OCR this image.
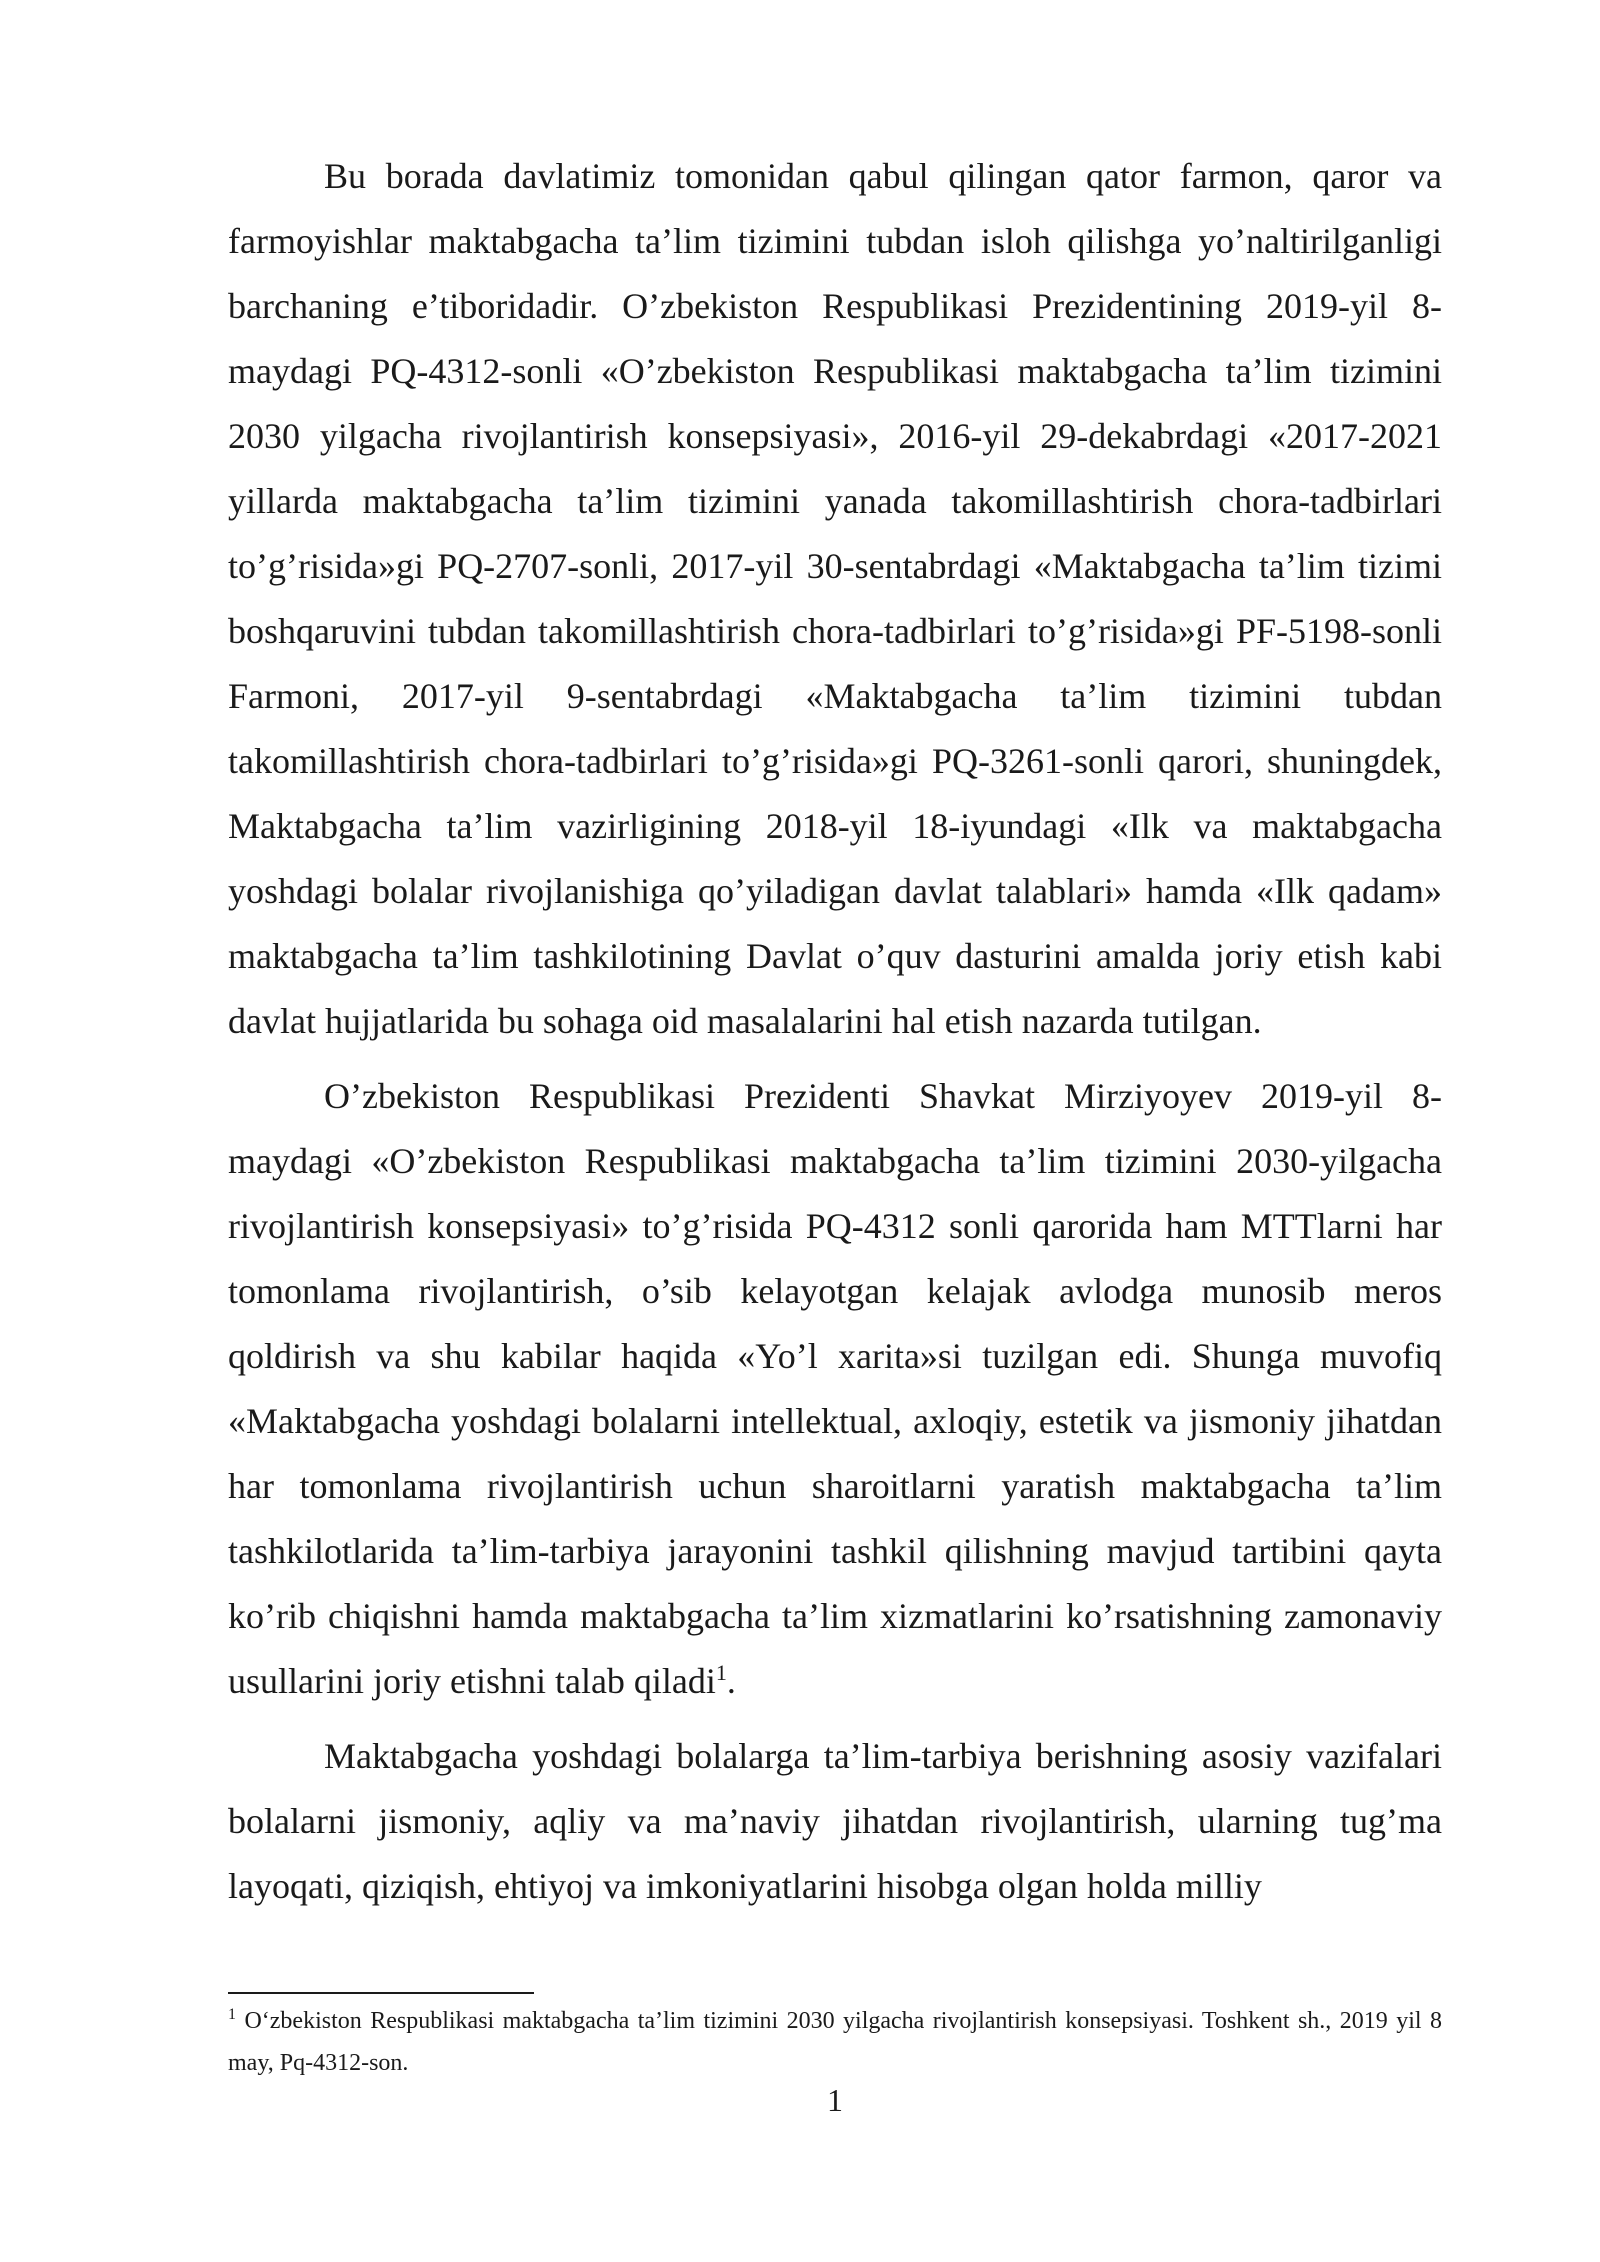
Bu borada davlatimiz tomonidan qabul qilingan qator farmon, qaror va farmoyishlar maktabgacha ta’lim tizimini tubdan isloh qilishga yo’naltirilganligi barchaning e’tiboridadir. O’zbekiston Respublikasi Prezidentining 2019-yil 8-maydagi PQ-4312-sonli «O’zbekiston Respublikasi maktabgacha ta’lim tizimini 2030 yilgacha rivojlantirish konsepsiyasi», 2016-yil 29-dekabrdagi «2017-2021 yillarda maktabgacha ta’lim tizimini yanada takomillashtirish chora-tadbirlari to’g’risida»gi PQ-2707-sonli, 2017-yil 30-sentabrdagi «Maktabgacha ta’lim tizimi boshqaruvini tubdan takomillashtirish chora-tadbirlari to’g’risida»gi PF-5198-sonli Farmoni, 2017-yil 9-sentabrdagi «Maktabgacha ta’lim tizimini tubdan takomillashtirish chora-tadbirlari to’g’risida»gi PQ-3261-sonli qarori, shuningdek, Maktabgacha ta’lim vazirligining 2018-yil 18-iyundagi «Ilk va maktabgacha yoshdagi bolalar rivojlanishiga qo’yiladigan davlat talablari» hamda «Ilk qadam» maktabgacha ta’lim tashkilotining Davlat o’quv dasturini amalda joriy etish kabi davlat hujjatlarida bu sohaga oid masalalarini hal etish nazarda tutilgan.

O’zbekiston Respublikasi Prezidenti Shavkat Mirziyoyev 2019-yil 8-maydagi «O’zbekiston Respublikasi maktabgacha ta’lim tizimini 2030-yilgacha rivojlantirish konsepsiyasi» to’g’risida PQ-4312 sonli qarorida ham MTTlarni har tomonlama rivojlantirish, o’sib kelayotgan kelajak avlodga munosib meros qoldirish va shu kabilar haqida «Yo’l xarita»si tuzilgan edi. Shunga muvofiq «Maktabgacha yoshdagi bolalarni intellektual, axloqiy, estetik va jismoniy jihatdan har tomonlama rivojlantirish uchun sharoitlarni yaratish maktabgacha ta’lim tashkilotlarida ta’lim-tarbiya jarayonini tashkil qilishning mavjud tartibini qayta ko’rib chiqishni hamda maktabgacha ta’lim xizmatlarini ko’rsatishning zamonaviy usullarini joriy etishni talab qiladi$^1$.

Maktabgacha yoshdagi bolalarga ta’lim-tarbiya berishning asosiy vazifalari bolalarni jismoniy, aqliy va ma’naviy jihatdan rivojlantirish, ularning tug’ma layoqati, qiziqish, ehtiyoj va imkoniyatlarini hisobga olgan holda milliy

$^1$ O‘zbekiston Respublikasi maktabgacha ta’lim tizimini 2030 yilgacha rivojlantirish konsepsiyasi. Toshkent sh., 2019 yil 8 may, Pq-4312-son.
1
